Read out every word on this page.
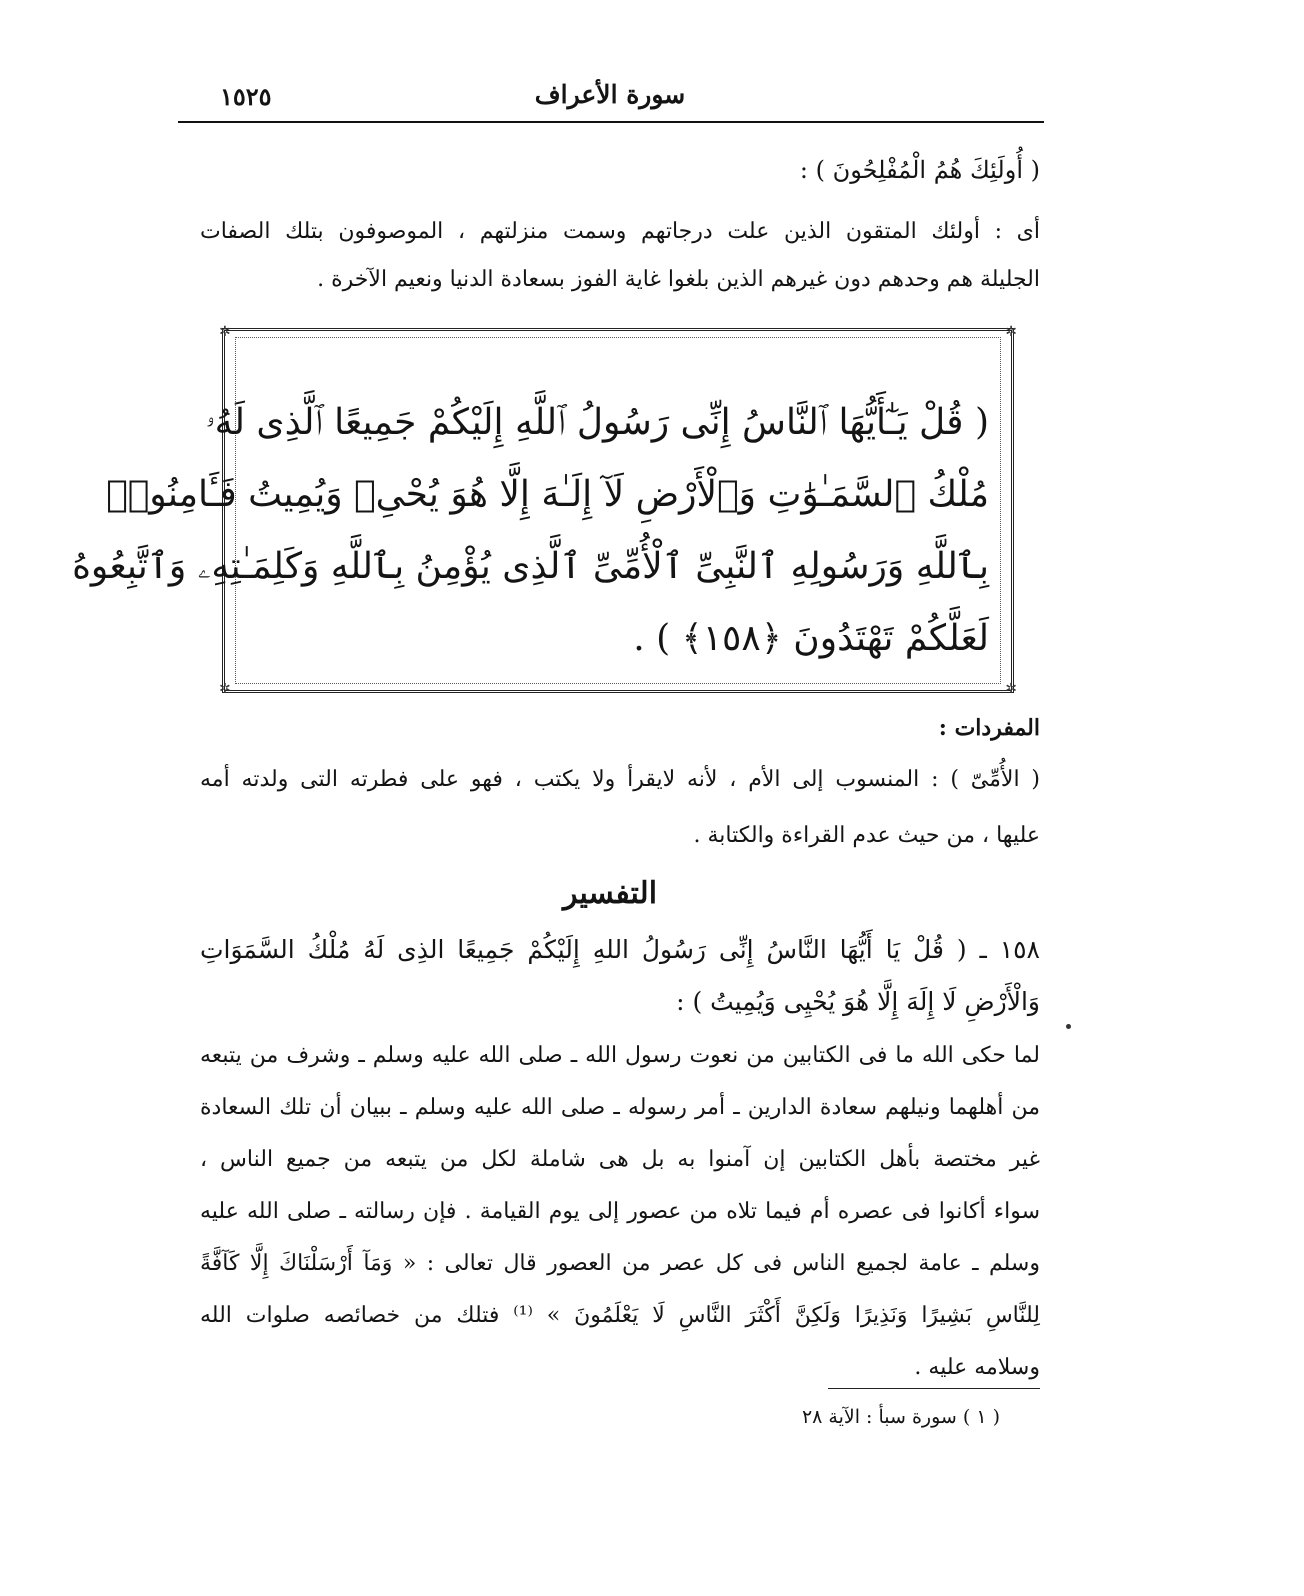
سورة الأعراف
١٥٢٥
( أُولَئِكَ هُمُ الْمُفْلِحُونَ ) :
أى : أولئك المتقون الذين علت درجاتهم وسمت منزلتهم ، الموصوفون بتلك الصفات
الجليلة هم وحدهم دون غيرهم الذين بلغوا غاية الفوز بسعادة الدنيا ونعيم الآخرة .
✲	✲
✲	✲
( قُلْ يَـٰٓأَيُّهَا ٱلنَّاسُ إِنِّى رَسُولُ ٱللَّهِ إِلَيْكُمْ جَمِيعًا ٱلَّذِى لَهُۥ
مُلْكُ ٱلسَّمَـٰوَٰتِ وَٱلْأَرْضِ لَآ إِلَـٰهَ إِلَّا هُوَ يُحْىِۦ وَيُمِيتُ فَـَٔامِنُوا۟
بِٱللَّهِ وَرَسُولِهِ ٱلنَّبِىِّ ٱلْأُمِّىِّ ٱلَّذِى يُؤْمِنُ بِٱللَّهِ وَكَلِمَـٰتِهِۦ وَٱتَّبِعُوهُ
لَعَلَّكُمْ تَهْتَدُونَ ﴿١٥٨﴾ ) .
المفردات :
( الأُمِّىّ ) : المنسوب إلى الأم ، لأنه لايقرأ ولا يكتب ، فهو على فطرته التى ولدته أمه
عليها ، من حيث عدم القراءة والكتابة .
التفسير
١٥٨ ـ ( قُلْ يَا أَيُّهَا النَّاسُ إِنِّى رَسُولُ اللهِ إِلَيْكُمْ جَمِيعًا الذِى لَهُ مُلْكُ السَّمَوَاتِ
وَالْأَرْضِ لَا إِلَهَ إِلَّا هُوَ يُحْيِى وَيُمِيتُ ) :
لما حكى الله ما فى الكتابين من نعوت رسول الله ـ صلى الله عليه وسلم ـ وشرف من يتبعه
من أهلهما ونيلهم سعادة الدارين ـ أمر رسوله ـ صلى الله عليه وسلم ـ ببيان أن تلك السعادة
غير مختصة بأهل الكتابين إن آمنوا به بل هى شاملة لكل من يتبعه من جميع الناس ،
سواء أكانوا فى عصره أم فيما تلاه من عصور إلى يوم القيامة . فإن رسالته ـ صلى الله عليه
وسلم ـ عامة لجميع الناس فى كل عصر من العصور قال تعالى : « وَمَآ أَرْسَلْنَاكَ إِلَّا كَآفَّةً
لِلنَّاسِ بَشِيرًا وَنَذِيرًا وَلَكِنَّ أَكْثَرَ النَّاسِ لَا يَعْلَمُونَ » ⁽¹⁾ فتلك من خصائصه صلوات الله
وسلامه عليه .
( ١ ) سورة سبأ : الآية ٢٨
